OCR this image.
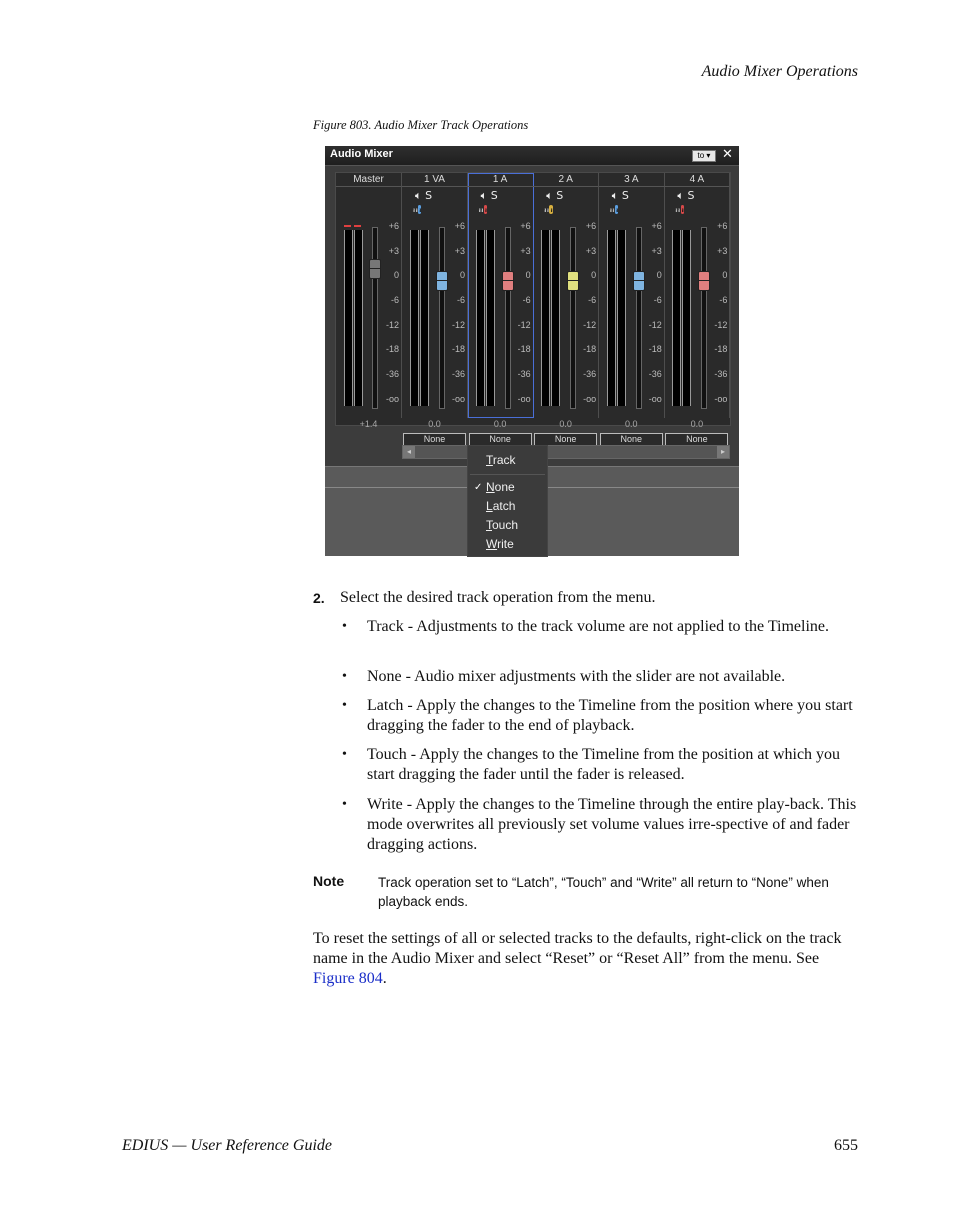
Audio Mixer Operations
Figure 803. Audio Mixer Track Operations
Audio Mixer	to ▾ ✕
Master
+1.4
+6
+3
0
-6
-12
-18
-36
-oo
1 VA
🔈︎ S
ᵢₗₗ ᵢₗₗ ᵢₗₗ
0.0
None
+6
+3
0
-6
-12
-18
-36
-oo
1 A
🔈︎ S
ᵢₗₗ ᵢₗₗ ᵢₗₗ
0.0
None
+6
+3
0
-6
-12
-18
-36
-oo
2 A
🔈︎ S
ᵢₗₗ ᵢₗₗ ᵢₗₗ
0.0
None
+6
+3
0
-6
-12
-18
-36
-oo
3 A
🔈︎ S
ᵢₗₗ ᵢₗₗ ᵢₗₗ
0.0
None
+6
+3
0
-6
-12
-18
-36
-oo
4 A
🔈︎ S
ᵢₗₗ ᵢₗₗ ᵢₗₗ
0.0
None
+6
+3
0
-6
-12
-18
-36
-oo
◂	▸
Track
✓ None
Latch
Touch
Write
2. Select the desired track operation from the menu.
• Track - Adjustments to the track volume are not applied to the Timeline.
• None - Audio mixer adjustments with the slider are not available.
• Latch - Apply the changes to the Timeline from the position where you start dragging the fader to the end of playback.
• Touch - Apply the changes to the Timeline from the position at which you start dragging the fader until the fader is released.
• Write - Apply the changes to the Timeline through the entire play-back. This mode overwrites all previously set volume values irre-spective of and fader dragging actions.
Note	Track operation set to “Latch”, “Touch” and “Write” all return to “None” when playback ends.
To reset the settings of all or selected tracks to the defaults, right-click on the track name in the Audio Mixer and select “Reset” or “Reset All” from the menu. See Figure 804.
EDIUS — User Reference Guide	655
